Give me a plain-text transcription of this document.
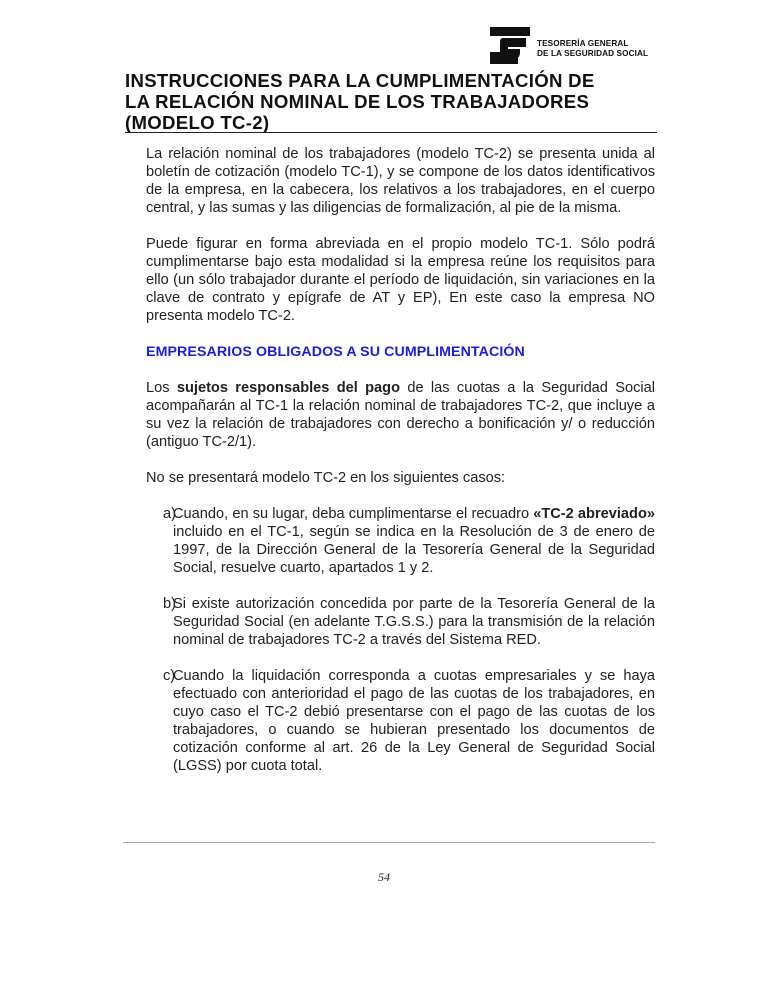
TESORERÍA GENERAL
DE LA SEGURIDAD SOCIAL
INSTRUCCIONES PARA LA CUMPLIMENTACIÓN DE
LA RELACIÓN NOMINAL DE LOS TRABAJADORES
(MODELO TC-2)

La relación nominal de los trabajadores (modelo TC-2) se presenta unida al boletín de cotización (modelo TC-1), y se compone de los datos identificativos de la empresa, en la cabecera, los relativos a los trabajadores, en el cuerpo central, y las sumas y las diligencias de formalización, al pie de la misma.

Puede figurar en forma abreviada en el propio modelo TC-1. Sólo podrá cumplimentarse bajo esta modalidad si la empresa reúne los requisitos para ello (un sólo trabajador durante el período de liquidación, sin variaciones en la clave de contrato y epígrafe de AT y EP), En este caso la empresa NO presenta modelo TC-2.

EMPRESARIOS OBLIGADOS A SU CUMPLIMENTACIÓN

Los sujetos responsables del pago de las cuotas a la Seguridad Social acompañarán al TC-1 la relación nominal de trabajadores TC-2, que incluye a su vez la relación de trabajadores con derecho a bonificación y/ o reducción (antiguo TC-2/1).

No se presentará modelo TC-2 en los siguientes casos:

a)
Cuando, en su lugar, deba cumplimentarse el recuadro «TC-2 abreviado» incluido en el TC-1, según se indica en la Resolución de 3 de enero de 1997, de la Dirección General de la Tesorería General de la Seguridad Social, resuelve cuarto, apartados 1 y 2.

b)
Si existe autorización concedida por parte de la Tesorería General de la Seguridad Social (en adelante T.G.S.S.) para la transmisión de la relación nominal de trabajadores TC-2 a través del Sistema RED.

c)
Cuando la liquidación corresponda a cuotas empresariales y se haya efectuado con anterioridad el pago de las cuotas de los trabajadores, en cuyo caso el TC-2 debió presentarse con el pago de las cuotas de los trabajadores, o cuando se hubieran presentado los documentos de cotización conforme al art. 26 de la Ley General de Seguridad Social (LGSS) por cuota total.

54
